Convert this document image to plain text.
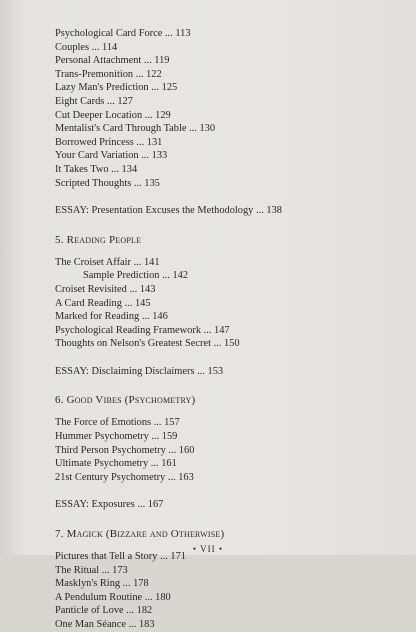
Psychological Card Force ... 113
Couples ... 114
Personal Attachment ... 119
Trans-Premonition ... 122
Lazy Man's Prediction ... 125
Eight Cards ... 127
Cut Deeper Location ... 129
Mentalist's Card Through Table ... 130
Borrowed Princess ... 131
Your Card Variation ... 133
It Takes Two ... 134
Scripted Thoughts ... 135
ESSAY: Presentation Excuses the Methodology ... 138
5. Reading People
The Croiset Affair ... 141
Sample Prediction ... 142
Croiset Revisited ... 143
A Card Reading ... 145
Marked for Reading ... 146
Psychological Reading Framework ... 147
Thoughts on Nelson's Greatest Secret ... 150
ESSAY: Disclaiming Disclaimers ... 153
6. Good Vibes (Psychometry)
The Force of Emotions ... 157
Hummer Psychometry ... 159
Third Person Psychometry ... 160
Ultimate Psychometry ... 161
21st Century Psychometry ... 163
ESSAY: Exposures ... 167
7. Magick (Bizzare and Otherwise)
Pictures that Tell a Story ... 171
The Ritual ... 173
Masklyn's Ring ... 178
A Pendulum Routine ... 180
Panticle of Love ... 182
One Man Séance ... 183
• VII •
